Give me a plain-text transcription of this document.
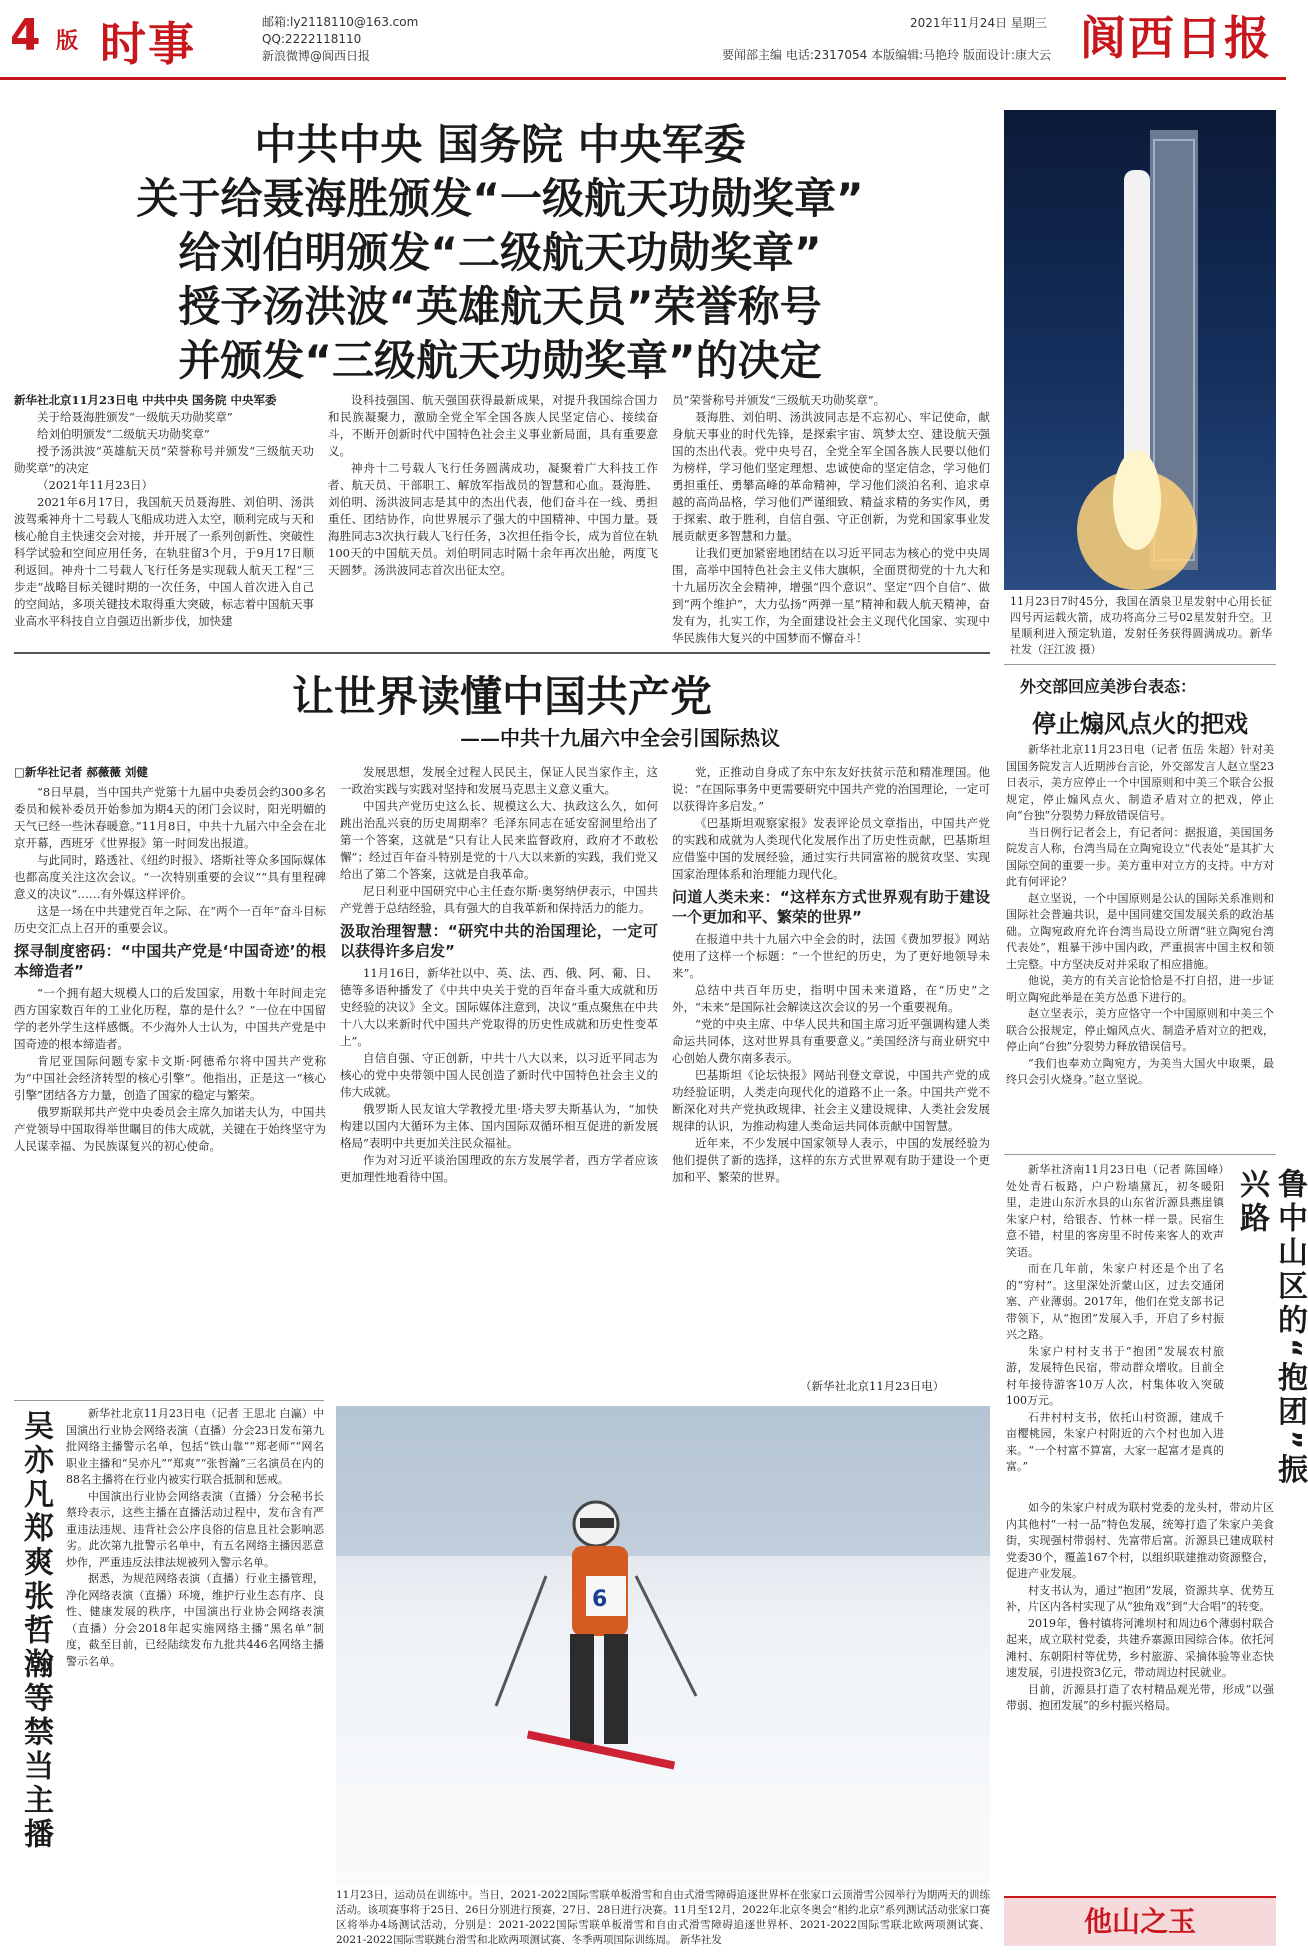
4 版 时事	邮箱:ly2118110@163.com
QQ:2222118110
新浪微博@阆西日报
2021年11月24日 星期三
要闻部主编 电话:2317054 本版编辑:马艳玲 版面设计:康大云 阆西日报
中共中央 国务院 中央军委
关于给聂海胜颁发“一级航天功勋奖章”
给刘伯明颁发“二级航天功勋奖章”
授予汤洪波“英雄航天员”荣誉称号
并颁发“三级航天功勋奖章”的决定

新华社北京11月23日电 中共中央 国务院 中央军委

关于给聂海胜颁发“一级航天功勋奖章”

给刘伯明颁发“二级航天功勋奖章”

授予汤洪波“英雄航天员”荣誉称号并颁发“三级航天功勋奖章”的决定

（2021年11月23日）

2021年6月17日，我国航天员聂海胜、刘伯明、汤洪波驾乘神舟十二号载人飞船成功进入太空，顺利完成与天和核心舱自主快速交会对接，并开展了一系列创新性、突破性科学试验和空间应用任务，在轨驻留3个月，于9月17日顺利返回。神舟十二号载人飞行任务是实现载人航天工程“三步走”战略目标关键时期的一次任务，中国人首次进入自己的空间站，多项关键技术取得重大突破，标志着中国航天事业高水平科技自立自强迈出新步伐，加快建

设科技强国、航天强国获得最新成果，对提升我国综合国力和民族凝聚力，激励全党全军全国各族人民坚定信心、接续奋斗，不断开创新时代中国特色社会主义事业新局面，具有重要意义。

神舟十二号载人飞行任务圆满成功，凝聚着广大科技工作者、航天员、干部职工、解放军指战员的智慧和心血。聂海胜、刘伯明、汤洪波同志是其中的杰出代表，他们奋斗在一线、勇担重任、团结协作，向世界展示了强大的中国精神、中国力量。聂海胜同志3次执行载人飞行任务，3次担任指令长，成为首位在轨100天的中国航天员。刘伯明同志时隔十余年再次出舱，两度飞天圆梦。汤洪波同志首次出征太空。

员”荣誉称号并颁发“三级航天功勋奖章”。

聂海胜、刘伯明、汤洪波同志是不忘初心、牢记使命，献身航天事业的时代先锋，是探索宇宙、筑梦太空、建设航天强国的杰出代表。党中央号召，全党全军全国各族人民要以他们为榜样，学习他们坚定理想、忠诚使命的坚定信念，学习他们勇担重任、勇攀高峰的革命精神，学习他们淡泊名利、追求卓越的高尚品格，学习他们严谨细致、精益求精的务实作风，勇于探索、敢于胜利，自信自强、守正创新，为党和国家事业发展贡献更多智慧和力量。

让我们更加紧密地团结在以习近平同志为核心的党中央周围，高举中国特色社会主义伟大旗帜，全面贯彻党的十九大和十九届历次全会精神，增强“四个意识”、坚定“四个自信”、做到“两个维护”，大力弘扬“两弹一星”精神和载人航天精神，奋发有为，扎实工作，为全面建设社会主义现代化国家、实现中华民族伟大复兴的中国梦而不懈奋斗！

11月23日7时45分，我国在酒泉卫星发射中心用长征四号丙运载火箭，成功将高分三号02星发射升空。卫星顺利进入预定轨道，发射任务获得圆满成功。新华社发（汪江波 摄）
外交部回应美涉台表态：
停止煽风点火的把戏

新华社北京11月23日电（记者 伍岳 朱超）针对美国国务院发言人近期涉台言论，外交部发言人赵立坚23日表示，美方应停止一个中国原则和中美三个联合公报规定，停止煽风点火、制造矛盾对立的把戏，停止向“台独”分裂势力释放错误信号。

当日例行记者会上，有记者问：据报道，美国国务院发言人称，台湾当局在立陶宛设立“代表处”是其扩大国际空间的重要一步。美方重申对立方的支持。中方对此有何评论？

赵立坚说，一个中国原则是公认的国际关系准则和国际社会普遍共识，是中国同建交国发展关系的政治基础。立陶宛政府允许台湾当局设立所谓“驻立陶宛台湾代表处”，粗暴干涉中国内政，严重损害中国主权和领土完整。中方坚决反对并采取了相应措施。

他说，美方的有关言论恰恰是不打自招，进一步证明立陶宛此举是在美方怂恿下进行的。

赵立坚表示，美方应恪守一个中国原则和中美三个联合公报规定，停止煽风点火、制造矛盾对立的把戏，停止向“台独”分裂势力释放错误信号。

“我们也奉劝立陶宛方，为美当大国火中取栗，最终只会引火烧身。”赵立坚说。

新华社济南11月23日电（记者 陈国峰）处处青石板路，户户粉墙黛瓦，初冬暖阳里，走进山东沂水县的山东省沂源县燕崖镇朱家户村，给银杏、竹林一样一景。民宿生意不错，村里的客房里不时传来客人的欢声笑语。

而在几年前，朱家户村还是个出了名的“穷村”。这里深处沂蒙山区，过去交通闭塞、产业薄弱。2017年，他们在党支部书记带领下，从“抱团”发展入手，开启了乡村振兴之路。

朱家户村村支书于“抱团”发展农村旅游，发展特色民宿，带动群众增收。目前全村年接待游客10万人次，村集体收入突破100万元。

石井村村支书，依托山村资源，建成千亩樱桃园，朱家户村附近的六个村也加入进来。“一个村富不算富，大家一起富才是真的富。”	鲁中山区的“抱团”振兴路

如今的朱家户村成为联村党委的龙头村，带动片区内其他村“一村一品”特色发展，统筹打造了朱家户美食街，实现强村带弱村、先富带后富。沂源县已建成联村党委30个，覆盖167个村，以组织联建推动资源整合，促进产业发展。

村支书认为，通过“抱团”发展，资源共享、优势互补，片区内各村实现了从“独角戏”到“大合唱”的转变。

2019年，鲁村镇将河滩坝村和周边6个薄弱村联合起来，成立联村党委，共建乔寨源田园综合体。依托河滩村、东朝阳村等优势，乡村旅游、采摘体验等业态快速发展，引进投资3亿元，带动周边村民就业。

目前，沂源县打造了农村精品观光带，形成“以强带弱、抱团发展”的乡村振兴格局。

他山之玉
让世界读懂中国共产党
——中共十九届六中全会引国际热议
□新华社记者 郝薇薇 刘健

“8日早晨，当中国共产党第十九届中央委员会约300多名委员和候补委员开始参加为期4天的闭门会议时，阳光明媚的天气已经一些沐春暖意。”11月8日，中共十九届六中全会在北京开幕，西班牙《世界报》第一时间发出报道。

与此同时，路透社、《纽约时报》、塔斯社等众多国际媒体也都高度关注这次会议。“一次特别重要的会议”“具有里程碑意义的决议”……有外媒这样评价。

这是一场在中共建党百年之际、在“两个一百年”奋斗目标历史交汇点上召开的重要会议。

探寻制度密码：“中国共产党是‘中国奇迹’的根本缔造者”

“一个拥有超大规模人口的后发国家，用数十年时间走完西方国家数百年的工业化历程，靠的是什么？”一位在中国留学的老外学生这样感慨。不少海外人士认为，中国共产党是中国奇迹的根本缔造者。

肯尼亚国际问题专家卡文斯·阿德希尔将中国共产党称为“中国社会经济转型的核心引擎”。他指出，正是这一“核心引擎”团结各方力量，创造了国家的稳定与繁荣。

俄罗斯联邦共产党中央委员会主席久加诺夫认为，中国共产党领导中国取得举世瞩目的伟大成就，关键在于始终坚守为人民谋幸福、为民族谋复兴的初心使命。

发展思想，发展全过程人民民主，保证人民当家作主，这一政治实践与实践对坚持和发展马克思主义意义重大。

中国共产党历史这么长、规模这么大、执政这么久，如何跳出治乱兴衰的历史周期率？毛泽东同志在延安窑洞里给出了第一个答案，这就是“只有让人民来监督政府，政府才不敢松懈”；经过百年奋斗特别是党的十八大以来新的实践，我们党又给出了第二个答案，这就是自我革命。

尼日利亚中国研究中心主任查尔斯·奥努纳伊表示，中国共产党善于总结经验，具有强大的自我革新和保持活力的能力。

汲取治理智慧：“研究中共的治国理论，一定可以获得许多启发”

11月16日，新华社以中、英、法、西、俄、阿、葡、日、德等多语种播发了《中共中央关于党的百年奋斗重大成就和历史经验的决议》全文。国际媒体注意到，决议“重点聚焦在中共十八大以来新时代中国共产党取得的历史性成就和历史性变革上”。

自信自强、守正创新，中共十八大以来，以习近平同志为核心的党中央带领中国人民创造了新时代中国特色社会主义的伟大成就。

俄罗斯人民友谊大学教授尤里·塔夫罗夫斯基认为，“加快构建以国内大循环为主体、国内国际双循环相互促进的新发展格局”表明中共更加关注民众福祉。

作为对习近平谈治国理政的东方发展学者，西方学者应该更加理性地看待中国。

党，正推动自身成了东中东友好扶贫示范和精准理国。他说：“在国际事务中更需要研究中国共产党的治国理论，一定可以获得许多启发。”

《巴基斯坦观察家报》发表评论员文章指出，中国共产党的实践和成就为人类现代化发展作出了历史性贡献，巴基斯坦应借鉴中国的发展经验，通过实行共同富裕的脱贫攻坚、实现国家治理体系和治理能力现代化。

问道人类未来：“这样东方式世界观有助于建设一个更加和平、繁荣的世界”

在报道中共十九届六中全会的时，法国《费加罗报》网站使用了这样一个标题：“一个世纪的历史，为了更好地领导未来”。

总结中共百年历史，指明中国未来道路，在“历史”之外，“未来”是国际社会解读这次会议的另一个重要视角。

“党的中央主席、中华人民共和国主席习近平强调构建人类命运共同体，这对世界具有重要意义。”美国经济与商业研究中心创始人费尔南多表示。

巴基斯坦《论坛快报》网站刊登文章说，中国共产党的成功经验证明，人类走向现代化的道路不止一条。中国共产党不断深化对共产党执政规律、社会主义建设规律、人类社会发展规律的认识，为推动构建人类命运共同体贡献中国智慧。

近年来，不少发展中国家领导人表示，中国的发展经验为他们提供了新的选择，这样的东方式世界观有助于建设一个更加和平、繁荣的世界。

（新华社北京11月23日电）
吴亦凡郑爽张哲瀚等禁当主播	新华社北京11月23日电（记者 王思北 白瀛）中国演出行业协会网络表演（直播）分会23日发布第九批网络主播警示名单，包括“铁山靠”“郑老师”“网名职业主播和“吴亦凡”“郑爽”“张哲瀚”三名演员在内的88名主播将在行业内被实行联合抵制和惩戒。

中国演出行业协会网络表演（直播）分会秘书长蔡玲表示，这些主播在直播活动过程中，发布含有严重违法违规、违背社会公序良俗的信息且社会影响恶劣。此次第九批警示名单中，有五名网络主播因恶意炒作，严重违反法律法规被列入警示名单。

据悉，为规范网络表演（直播）行业主播管理，净化网络表演（直播）环境，维护行业生态有序、良性、健康发展的秩序，中国演出行业协会网络表演（直播）分会2018年起实施网络主播“黑名单”制度，截至目前，已经陆续发布九批共446名网络主播警示名单。

6
11月23日，运动员在训练中。当日，2021-2022国际雪联单板滑雪和自由式滑雪障碍追逐世界杯在张家口云顶滑雪公园举行为期两天的训练活动。该项赛事将于25日、26日分别进行预赛，27日、28日进行决赛。11月至12月，2022年北京冬奥会“相约北京”系列测试活动张家口赛区将举办4场测试活动，分别是：2021-2022国际雪联单板滑雪和自由式滑雪障碍追逐世界杯、2021-2022国际雪联北欧两项测试赛、2021-2022国际雪联跳台滑雪和北欧两项测试赛、冬季两项国际训练周。 新华社发
